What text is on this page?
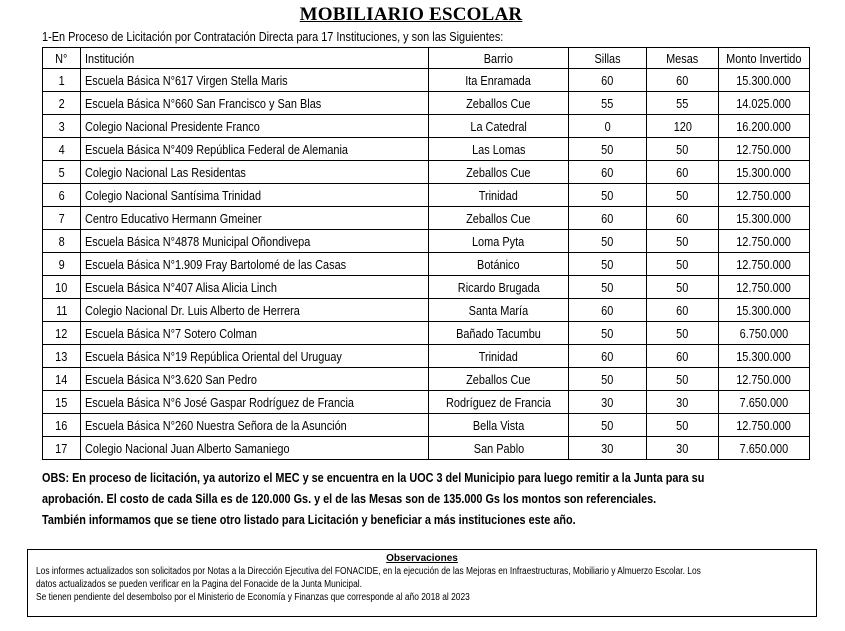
MOBILIARIO ESCOLAR
1-En Proceso de Licitación por Contratación Directa para 17 Instituciones, y son las Siguientes:
N°	Institución	Barrio	Sillas	Mesas	Monto Invertido
1	Escuela Básica N°617 Virgen Stella Maris	Ita Enramada	60	60	15.300.000
2	Escuela Básica N°660 San Francisco y San Blas	Zeballos Cue	55	55	14.025.000
3	Colegio Nacional Presidente Franco	La Catedral	0	120	16.200.000
4	Escuela Básica N°409 República Federal de Alemania	Las Lomas	50	50	12.750.000
5	Colegio Nacional Las Residentas	Zeballos Cue	60	60	15.300.000
6	Colegio Nacional Santísima Trinidad	Trinidad	50	50	12.750.000
7	Centro Educativo Hermann Gmeiner	Zeballos Cue	60	60	15.300.000
8	Escuela Básica N°4878 Municipal Oñondivepa	Loma Pyta	50	50	12.750.000
9	Escuela Básica N°1.909 Fray Bartolomé de las Casas	Botánico	50	50	12.750.000
10	Escuela Básica N°407 Alisa Alicia Linch	Ricardo Brugada	50	50	12.750.000
11	Colegio Nacional Dr. Luis Alberto de Herrera	Santa María	60	60	15.300.000
12	Escuela Básica N°7 Sotero Colman	Bañado Tacumbu	50	50	6.750.000
13	Escuela Básica N°19 República Oriental del Uruguay	Trinidad	60	60	15.300.000
14	Escuela Básica N°3.620 San Pedro	Zeballos Cue	50	50	12.750.000
15	Escuela Básica N°6 José Gaspar Rodríguez de Francia	Rodríguez de Francia	30	30	7.650.000
16	Escuela Básica N°260 Nuestra Señora de la Asunción	Bella Vista	50	50	12.750.000
17	Colegio Nacional Juan Alberto Samaniego	San Pablo	30	30	7.650.000
OBS: En proceso de licitación, ya autorizo el MEC y se encuentra en la UOC 3 del Municipio para luego remitir a la Junta para su
aprobación. El costo de cada Silla es de 120.000 Gs. y el de las Mesas son de 135.000 Gs los montos son referenciales.
También informamos que se tiene otro listado para Licitación y beneficiar a más instituciones este año.
Observaciones
Los informes actualizados son solicitados por Notas a la Dirección Ejecutiva del FONACIDE, en la ejecución de las Mejoras en Infraestructuras, Mobiliario y Almuerzo Escolar. Los
datos actualizados se pueden verificar en la Pagina del Fonacide de la Junta Municipal.
Se tienen pendiente del desembolso por el Ministerio de Economía y Finanzas que corresponde al año 2018 al 2023
